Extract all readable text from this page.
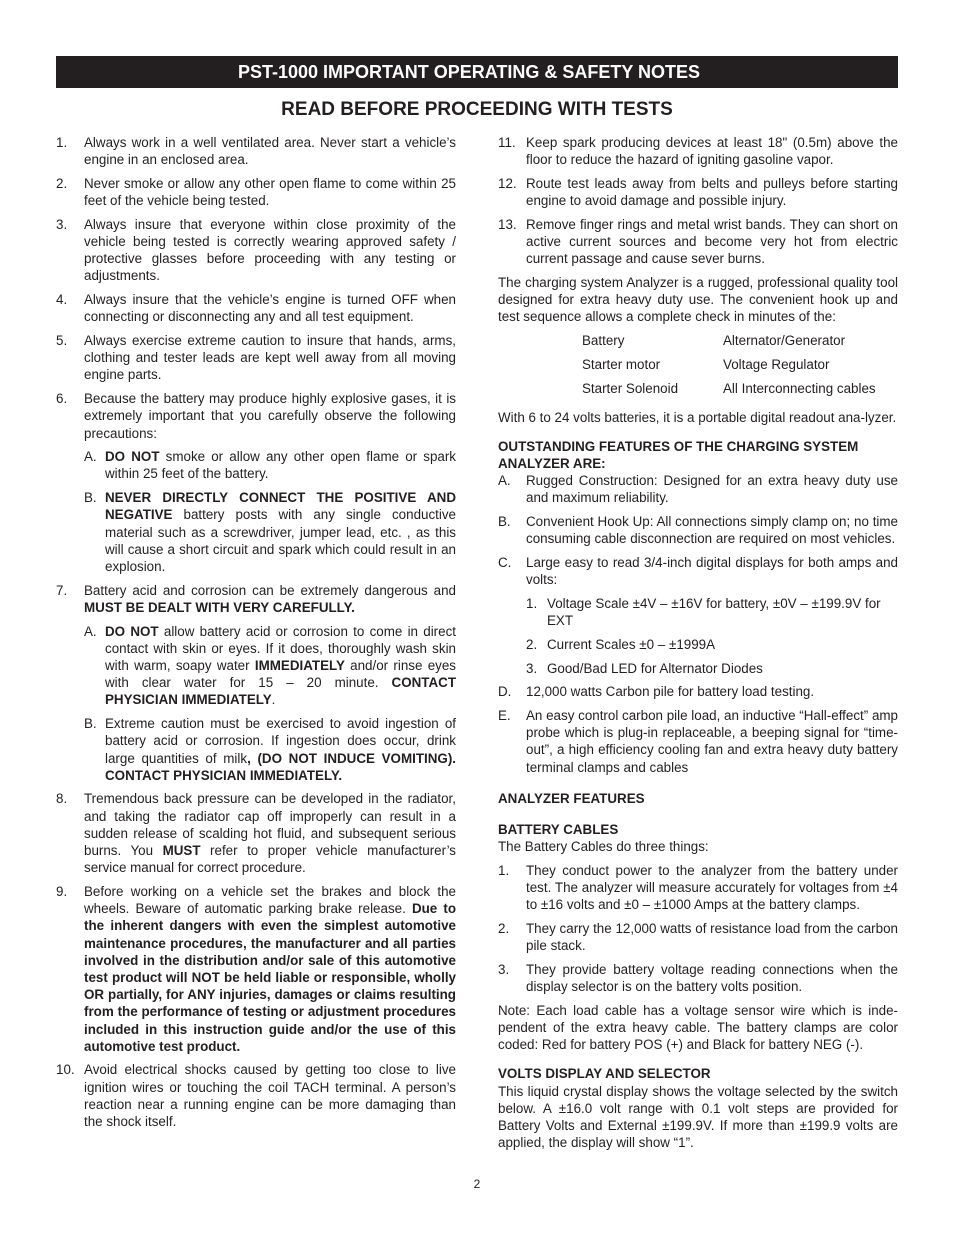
PST-1000 IMPORTANT OPERATING & SAFETY NOTES
READ BEFORE PROCEEDING WITH TESTS
1. Always work in a well ventilated area. Never start a vehicle’s engine in an enclosed area.
2. Never smoke or allow any other open flame to come within 25 feet of the vehicle being tested.
3. Always insure that everyone within close proximity of the vehicle being tested is correctly wearing approved safety / protective glasses before proceeding with any testing or adjustments.
4. Always insure that the vehicle’s engine is turned OFF when connecting or disconnecting any and all test equipment.
5. Always exercise extreme caution to insure that hands, arms, clothing and tester leads are kept well away from all moving engine parts.
6. Because the battery may produce highly explosive gases, it is extremely important that you carefully observe the following precautions:
A. DO NOT smoke or allow any other open flame or spark within 25 feet of the battery.
B. NEVER DIRECTLY CONNECT THE POSITIVE AND NEGATIVE battery posts with any single conductive material such as a screwdriver, jumper lead, etc. , as this will cause a short circuit and spark which could result in an explosion.
7. Battery acid and corrosion can be extremely dangerous and MUST BE DEALT WITH VERY CAREFULLY.
A. DO NOT allow battery acid or corrosion to come in direct contact with skin or eyes. If it does, thoroughly wash skin with warm, soapy water IMMEDIATELY and/or rinse eyes with clear water for 15 – 20 minute. CONTACT PHYSICIAN IMMEDIATELY.
B. Extreme caution must be exercised to avoid ingestion of battery acid or corrosion. If ingestion does occur, drink large quantities of milk, (DO NOT INDUCE VOMITING). CONTACT PHYSICIAN IMMEDIATELY.
8. Tremendous back pressure can be developed in the radiator, and taking the radiator cap off improperly can result in a sudden release of scalding hot fluid, and subsequent serious burns. You MUST refer to proper vehicle manufacturer’s service manual for correct procedure.
9. Before working on a vehicle set the brakes and block the wheels. Beware of automatic parking brake release. Due to the inherent dangers with even the simplest automotive maintenance procedures, the manufacturer and all parties involved in the distribution and/or sale of this automotive test product will NOT be held liable or responsible, wholly OR partially, for ANY injuries, damages or claims resulting from the performance of testing or adjustment procedures included in this instruction guide and/or the use of this automotive test product.
10. Avoid electrical shocks caused by getting too close to live ignition wires or touching the coil TACH terminal. A person’s reaction near a running engine can be more damaging than the shock itself.
11. Keep spark producing devices at least 18" (0.5m) above the floor to reduce the hazard of igniting gasoline vapor.
12. Route test leads away from belts and pulleys before starting engine to avoid damage and possible injury.
13. Remove finger rings and metal wrist bands. They can short on active current sources and become very hot from electric current passage and cause sever burns.
The charging system Analyzer is a rugged, professional quality tool designed for extra heavy duty use. The convenient hook up and test sequence allows a complete check in minutes of the:
Battery	Alternator/Generator
Starter motor	Voltage Regulator
Starter Solenoid	All Interconnecting cables
With 6 to 24 volts batteries, it is a portable digital readout ana-lyzer.
OUTSTANDING FEATURES OF THE CHARGING SYSTEM ANALYZER ARE:
A. Rugged Construction: Designed for an extra heavy duty use and maximum reliability.
B. Convenient Hook Up: All connections simply clamp on; no time consuming cable disconnection are required on most vehicles.
C. Large easy to read 3/4-inch digital displays for both amps and volts:
1. Voltage Scale ±4V – ±16V for battery, ±0V – ±199.9V for EXT
2. Current Scales ±0 – ±1999A
3. Good/Bad LED for Alternator Diodes
D. 12,000 watts Carbon pile for battery load testing.
E. An easy control carbon pile load, an inductive “Hall-effect” amp probe which is plug-in replaceable, a beeping signal for “time-out”, a high efficiency cooling fan and extra heavy duty battery terminal clamps and cables
ANALYZER FEATURES
BATTERY CABLES
The Battery Cables do three things:
1. They conduct power to the analyzer from the battery under test. The analyzer will measure accurately for voltages from ±4 to ±16 volts and ±0 – ±1000 Amps at the battery clamps.
2. They carry the 12,000 watts of resistance load from the carbon pile stack.
3. They provide battery voltage reading connections when the display selector is on the battery volts position.
Note: Each load cable has a voltage sensor wire which is inde-pendent of the extra heavy cable. The battery clamps are color coded: Red for battery POS (+) and Black for battery NEG (-).
VOLTS DISPLAY AND SELECTOR
This liquid crystal display shows the voltage selected by the switch below. A ±16.0 volt range with 0.1 volt steps are provided for Battery Volts and External ±199.9V. If more than ±199.9 volts are applied, the display will show “1”.
2
